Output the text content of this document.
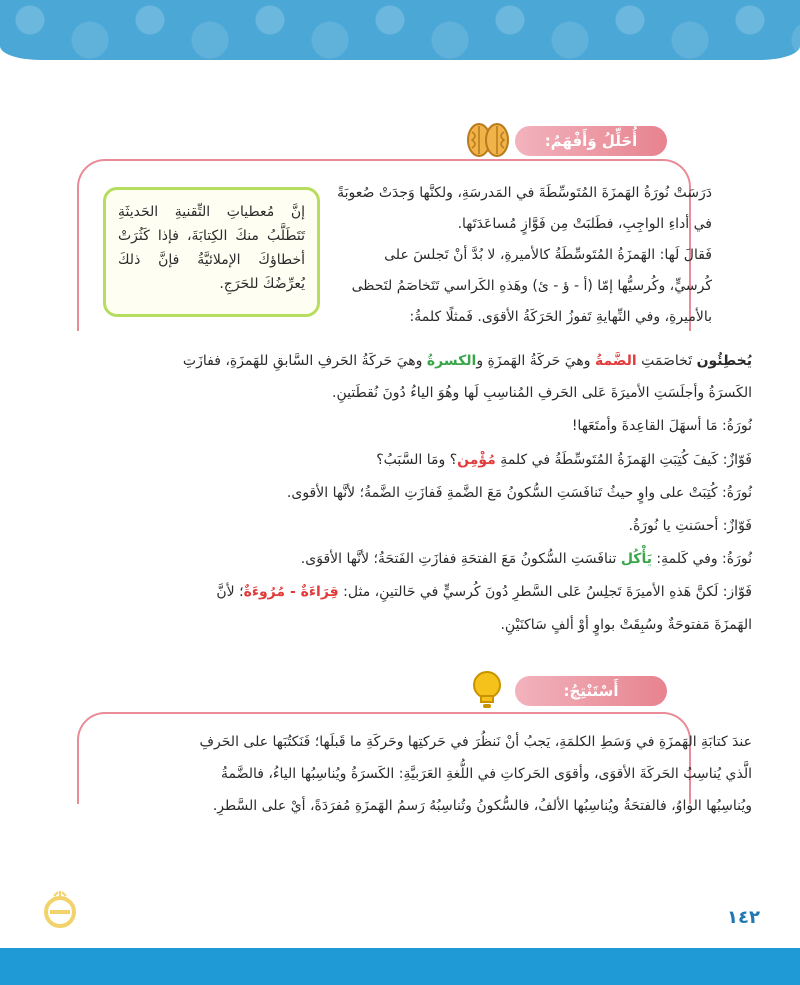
أُحَلِّلُ وَأَفْهَمُ:
إنَّ مُعطياتِ التِّقنيةِ الحَديثَةِ تَتَطَلَّبُ منكَ الكِتابَةَ، فإذا كَثُرَتْ أخطاؤكَ الإملائيَّةُ فإنَّ ذلكَ يُعرِّضُكَ للحَرَجِ.
دَرَسَتْ نُورَةُ الهَمزَةَ المُتَوسِّطَةَ في المَدرسَةِ، ولكنَّها وَجدَتْ صُعوبَةً
في أداءِ الواجِبِ، فطَلبَتْ مِن فَوَّازٍ مُساعَدَتَها.
فَقالَ لَها: الهَمزَةُ المُتَوسِّطَةُ كالأميرةِ، لا بُدَّ أنْ تَجلسَ على
كُرسيٍّ، وكُرسيُّها إمّا (أ - ؤ - ئ) وهَذهِ الكَراسي تَتَخاصَمُ لتَحظى
بالأميرةِ، وفي النِّهايةِ تَفوزُ الحَرَكَةُ الأقوَى. فَمثلًا كلمةُ:
يُخطِئُون تَخاصَمَتِ الضَّمةُ وهيَ حَركَةُ الهَمزَةِ والكسرةُ وهيَ حَركَةُ الحَرفِ السَّابقِ للهَمزَةِ، ففازَتِ
الكَسرَةُ وأجلَسَتِ الأميرَةَ عَلى الحَرفِ المُناسِبِ لَها وهُوَ الياءُ دُونَ نُقطَتينِ.
نُورَةُ: مَا أسهَلَ القاعِدةَ وأمتَعَها!
فَوّازٌ: كَيفَ كُتِبَتِ الهَمزَةُ المُتَوسِّطَةُ في كلمةِ مُؤْمِن؟ ومَا السَّبَبُ؟
نُورَةُ: كُتِبَتْ على واوٍ حيثُ تَنافَسَتِ السُّكونُ مَعَ الضَّمةِ فَفازَتِ الضَّمةُ؛ لأنَّها الأقوى.
فَوّازٌ: أحسَنتِ يا نُورَةُ.
نُورَةُ: وفي كَلمةِ: يَأْكُل تنافَسَتِ السُّكونُ مَعَ الفتحَةِ ففازَتِ الفَتحَةُ؛ لأنَّها الأقوَى.
فَوّاز: لَكنَّ هَذهِ الأميرَةَ تَجلِسُ عَلى السَّطرِ دُونَ كُرسيٍّ في حَالتينِ، مثل: قِرَاءَةٌ - مُرُوءَةٌ؛ لأنَّ
الهَمزَةَ مَفتوحَةٌ وسُبِقَتْ بواوٍ أوْ ألفٍ سَاكنَيْنِ.
أَسْتَنْتِجُ:
عندَ كتابَةِ الهَمزَةِ في وَسَطِ الكلمَةِ، يَجبُ أنْ نَنظُرَ في حَركتِها وحَركَةِ ما قَبلَها؛ فَنَكتُبَها على الحَرفِ
الَّذي يُناسِبُ الحَركَةَ الأقوَى، وأقوَى الحَركاتِ في اللُّغةِ العَرَبيَّةِ: الكَسرَةُ ويُناسِبُها الياءُ، فالضَّمةُ
ويُناسِبُها الواوُ، فالفتحَةُ ويُناسِبُها الألفُ، فالسُّكونُ وتُناسِبُهُ رَسمُ الهَمزَةِ مُفرَدَةً، أيْ على السَّطرِ.
١٤٢
